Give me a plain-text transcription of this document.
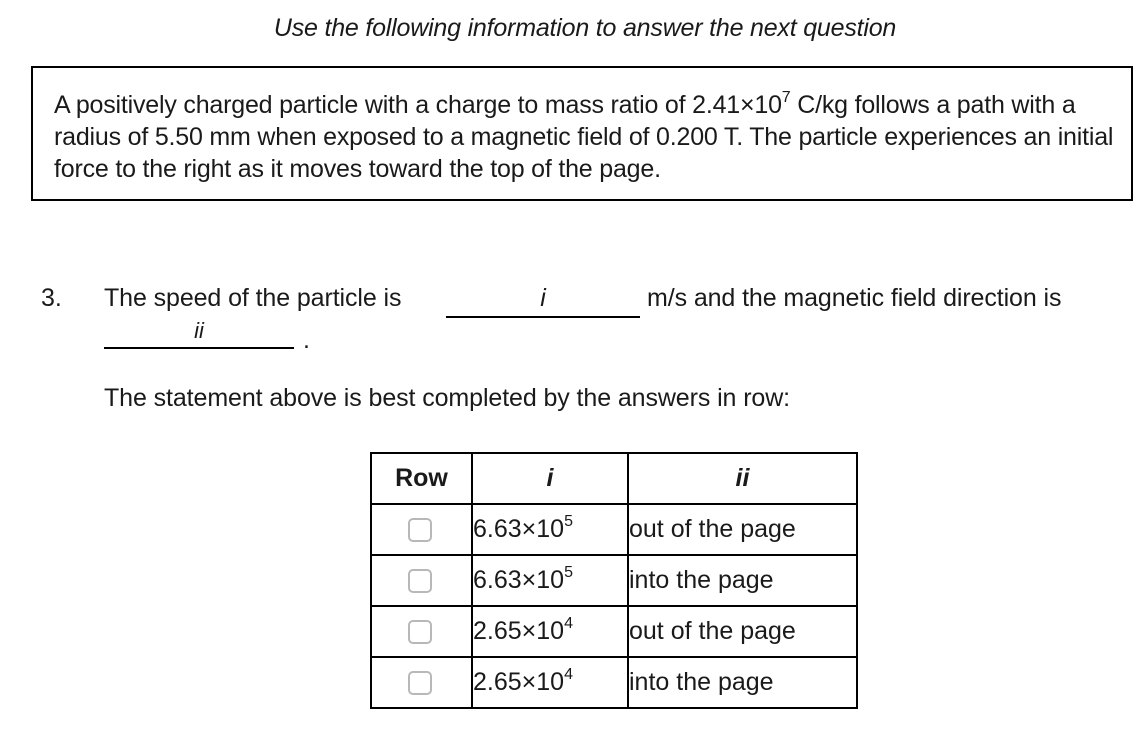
Use the following information to answer the next question
A positively charged particle with a charge to mass ratio of $2.41\times 10^7$ C/kg follows a path with a radius of 5.50 mm when exposed to a magnetic field of 0.200 T. The particle experiences an initial force to the right as it moves toward the top of the page.
3. The speed of the particle is	i	m/s and the magnetic field direction is
ii	.
The statement above is best completed by the answers in row:
Row	i	ii
	$6.63\times 10^5$	out of the page
	$6.63\times 10^5$	into the page
	$2.65\times 10^4$	out of the page
	$2.65\times 10^4$	into the page
